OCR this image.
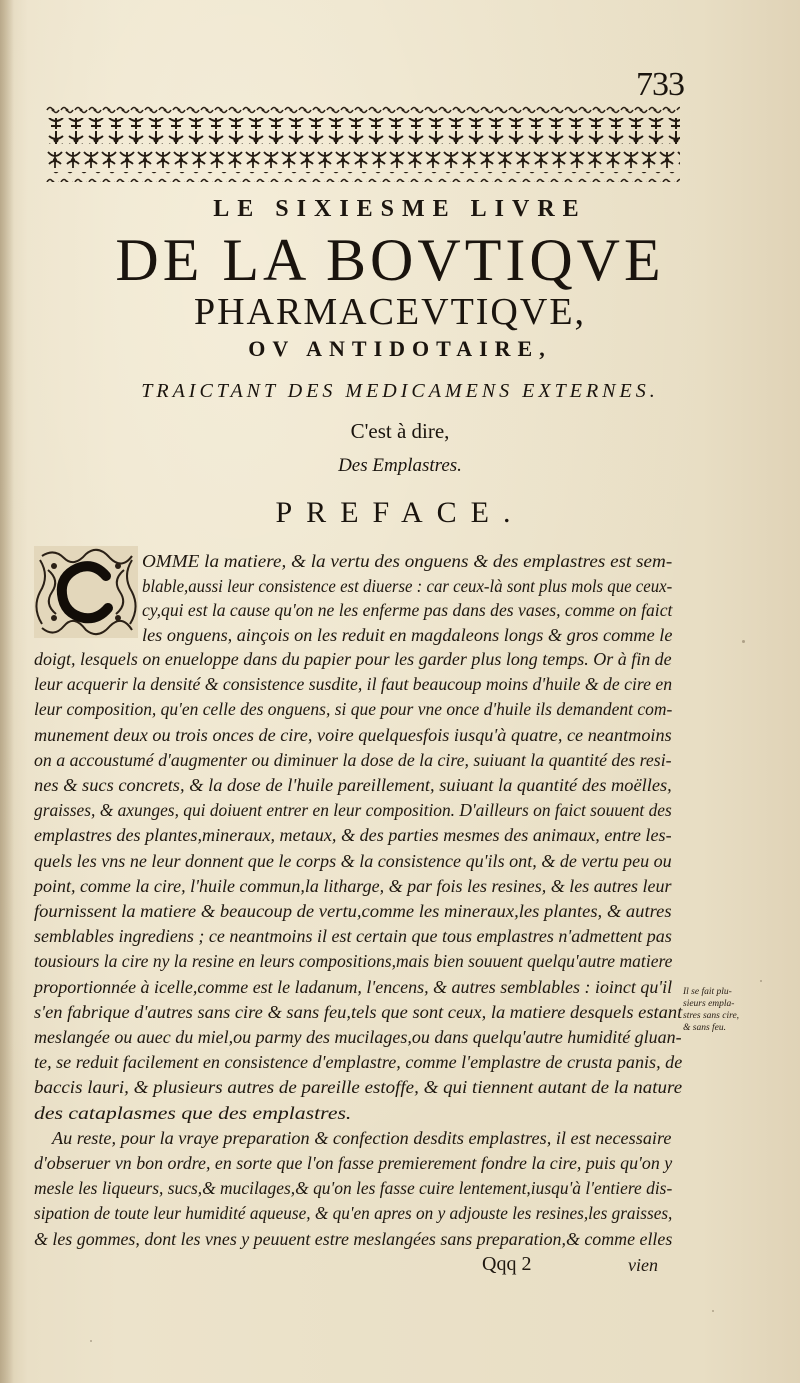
733
LE SIXIESME LIVRE
DE LA BOVTIQVE
PHARMACEVTIQVE,
OV ANTIDOTAIRE,
TRAICTANT DES MEDICAMENS EXTERNES.
C'est à dire,
Des Emplastres.
PREFACE.
OMME la matiere, & la vertu des onguens & des emplastres est sem-
blable,aussi leur consistence est diuerse : car ceux-là sont plus mols que ceux-
cy,qui est la cause qu'on ne les enferme pas dans des vases, comme on faict
les onguens, ainçois on les reduit en magdaleons longs & gros comme le
doigt, lesquels on enueloppe dans du papier pour les garder plus long temps. Or à fin de
leur acquerir la densité & consistence susdite, il faut beaucoup moins d'huile & de cire en
leur composition, qu'en celle des onguens, si que pour vne once d'huile ils demandent com-
munement deux ou trois onces de cire, voire quelquesfois iusqu'à quatre, ce neantmoins
on a accoustumé d'augmenter ou diminuer la dose de la cire, suiuant la quantité des resi-
nes & sucs concrets, & la dose de l'huile pareillement, suiuant la quantité des moëlles,
graisses, & axunges, qui doiuent entrer en leur composition. D'ailleurs on faict souuent des
emplastres des plantes,mineraux, metaux, & des parties mesmes des animaux, entre les-
quels les vns ne leur donnent que le corps & la consistence qu'ils ont, & de vertu peu ou
point, comme la cire, l'huile commun,la litharge, & par fois les resines, & les autres leur
fournissent la matiere & beaucoup de vertu,comme les mineraux,les plantes, & autres
semblables ingrediens ; ce neantmoins il est certain que tous emplastres n'admettent pas
tousiours la cire ny la resine en leurs compositions,mais bien souuent quelqu'autre matiere
proportionnée à icelle,comme est le ladanum, l'encens, & autres semblables : ioinct qu'il
s'en fabrique d'autres sans cire & sans feu,tels que sont ceux, la matiere desquels estant
meslangée ou auec du miel,ou parmy des mucilages,ou dans quelqu'autre humidité gluan-
te, se reduit facilement en consistence d'emplastre, comme l'emplastre de crusta panis, de
baccis lauri, & plusieurs autres de pareille estoffe, & qui tiennent autant de la nature
des cataplasmes que des emplastres.
Au reste, pour la vraye preparation & confection desdits emplastres, il est necessaire
d'obseruer vn bon ordre, en sorte que l'on fasse premierement fondre la cire, puis qu'on y
mesle les liqueurs, sucs,& mucilages,& qu'on les fasse cuire lentement,iusqu'à l'entiere dis-
sipation de toute leur humidité aqueuse, & qu'en apres on y adjouste les resines,les graisses,
& les gommes, dont les vnes y peuuent estre meslangées sans preparation,& comme elles
Il se fait plu-
sieurs empla-
stres sans cire,
& sans feu.
Qqq 2	vien
